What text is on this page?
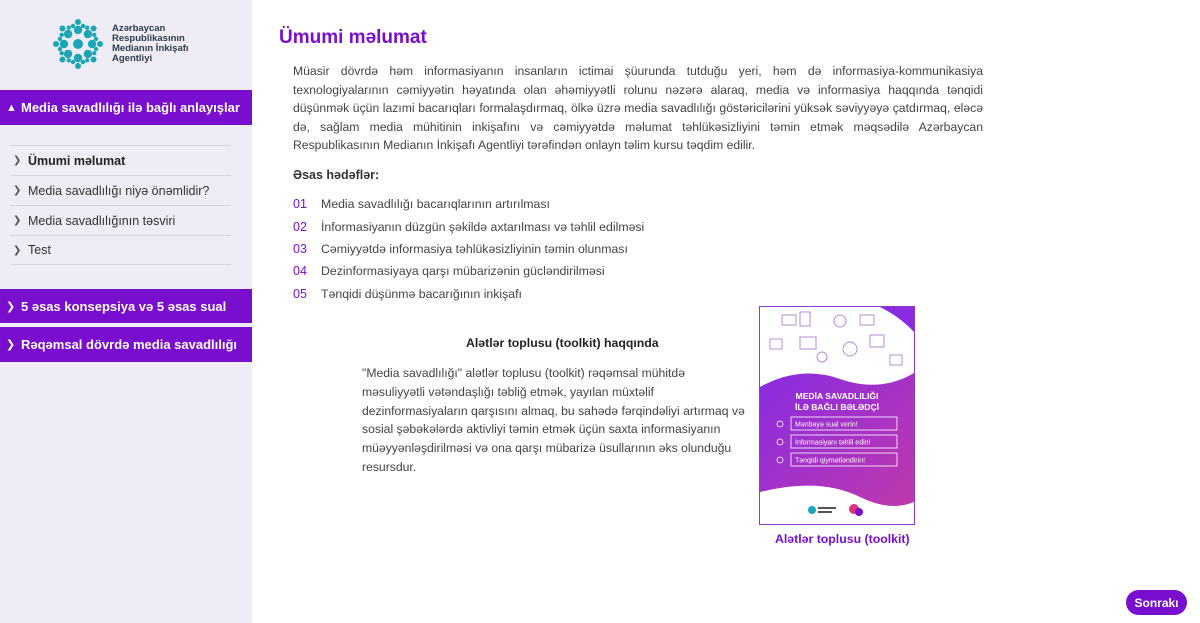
Azərbaycan
Respublikasının
Medianın İnkişafı
Agentliyi
▲ Media savadlılığı ilə bağlı anlayışlar
❯ Ümumi məlumat
❯ Media savadlılığı niyə önəmlidir?
❯ Media savadlılığının təsviri
❯ Test
❯ 5 əsas konsepsiya və 5 əsas sual
❯ Rəqəmsal dövrdə media savadlılığı
Ümumi məlumat

Müasir dövrdə həm informasiyanın insanların ictimai şüurunda tutduğu yeri, həm də informasiya-kommunikasiya texnologiyalarının cəmiyyətin həyatında olan əhəmiyyətli rolunu nəzərə alaraq, media və informasiya haqqında tənqidi düşünmək üçün lazımi bacarıqları formalaşdırmaq, ölkə üzrə media savadlılığı göstəricilərini yüksək səviyyəyə çatdırmaq, eləcə də, sağlam media mühitinin inkişafını və cəmiyyətdə məlumat təhlükəsizliyini təmin etmək məqsədilə Azərbaycan Respublikasının Medianın İnkişafı Agentliyi tərəfindən onlayn təlim kursu təqdim edilir.

Əsas hədəflər:
01	Media savadlılığı bacarıqlarının artırılması
02	İnformasiyanın düzgün şəkildə axtarılması və təhlil edilməsi
03	Cəmiyyətdə informasiya təhlükəsizliyinin təmin olunması
04	Dezinformasiyaya qarşı mübarizənin gücləndirilməsi
05	Tənqidi düşünmə bacarığının inkişafı
Alətlər toplusu (toolkit) haqqında

"Media savadlılığı" alətlər toplusu (toolkit) rəqəmsal mühitdə məsuliyyətli vətəndaşlığı təbliğ etmək, yayılan müxtəlif dezinformasiyaların qarşısını almaq, bu sahədə fərqindəliyi artırmaq və sosial şəbəkələrdə aktivliyi təmin etmək üçün saxta informasiyanın müəyyənləşdirilməsi və ona qarşı mübarizə üsullarının əks olunduğu resursdur.

MEDİA SAVADLILIĞI
İLƏ BAĞLI BƏLƏDÇİ
Mənbəyə sual verin!
İnformasiyanı təhlil edin!
Tənqidi qiymətləndirin!
Alətlər toplusu (toolkit)
Sonrakı
